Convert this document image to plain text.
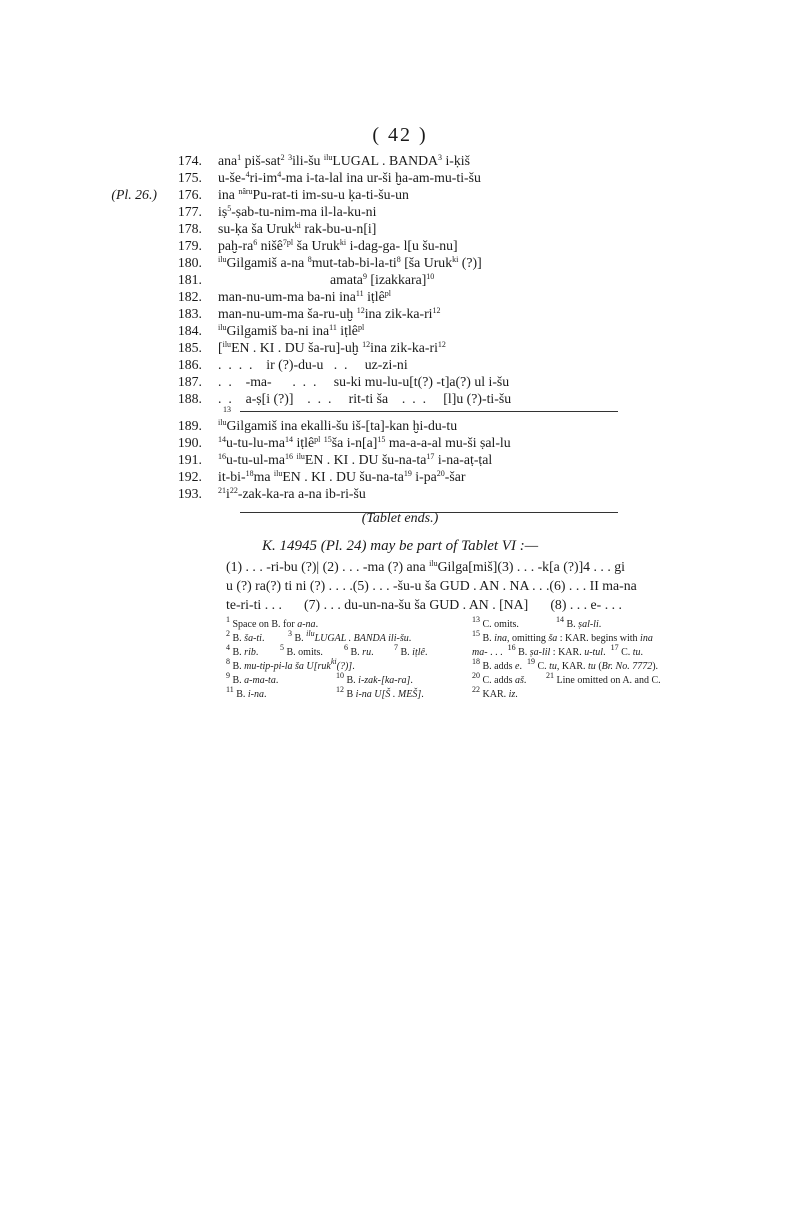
( 42 )
174. ana$^1$ piš-sat$^2$ $^3$ili-šu $^{ilu}$LUGAL . BANDA$^3$ i-ḳiš
175. $u-še-^4ri-im^4-ma$ i-ta-lal ina ur-ši ḫa-am-mu-ti-šu
(Pl. 26.)	176. ina $^{nâru}$Pu-rat-ti im-su-u ḳa-ti-šu-un
177. iṣ$^5$-ṣab-tu-nim-ma il-la-ku-ni
178. su-ḳa ša Uruk$^{ki}$ rak-bu-u-n[i]
179. paḫ-$ra^6$ nišê$^{7pl}$ ša Uruk$^{ki}$ i-dag-ga- l[u šu-nu]
180. $^{ilu}$Gilgamiš a-na $^8mut-tab-bi-la-ti^8$ [ša Uruk$^{ki}$ (?)]
181.	amata$^9$ [izakkara]$^{10}$
182. man-nu-um-ma ba-ni ina$^{11}$ iṭlê$^{pl}$
183. man-nu-um-ma ša-ru-uḫ $^{12}$ina zik-$ka-ri^{12}$
184. $^{ilu}$Gilgamiš ba-ni ina$^{11}$ iṭlê$^{pl}$
185. [$^{ilu}$EN . KI . DU ša-ru]-uḫ $^{12}$ina zik-$ka-ri^{12}$
186. .  .  .  .    ir (?)-du-u   .  .     uz-zi-ni
187. .  .    -ma-      .  .  .     su-ki mu-lu-u[t(?) -t]a(?) ul i-šu
188. .  .    a-ṣ[i (?)]    .  .  .     rit-ti ša    .  .  .     [l]u (?)-ti-šu
13
189. $^{ilu}$Gilgamiš ina ekalli-šu iš-[ta]-kan ḫi-du-tu
190. $^{14}u-tu-lu-ma^{14}$ iṭlê$^{pl}$ $^{15}$ša $i-n[a]^{15}$ ma-a-a-al mu-ši ṣal-lu
191. $^{16}u-tu-ul-ma^{16}$ $^{ilu}$EN . KI . DU $šu-na-ta^{17}$ i-na-aṭ-ṭal
192. it-bi-$^{18}$ma $^{ilu}$EN . KI . DU $šu-na-ta^{19}$ $i-pa^{20}$-šar
193. $^{21}i^{22}-zak-ka-ra$ a-na ib-ri-šu
(Tablet ends.)
K. 14945 (Pl. 24) may be part of Tablet VI :—
(1) . . . -ri-bu (?) | (2) . . . -ma (?) ana $^{ilu}$Gilga[miš] (3) . . . -k[a (?)] 4 . . . gi
u (?) ra(?) ti ni (?) . . . . (5) . . . -šu-u ša GUD . AN . NA . . . (6) . . . II ma-na
te-ri-ti . . . (7) . . . du-un-na-šu ša GUD . AN . [NA] (8) . . . e- . . .
$^1$ Space on B. for a-na.
$^2$ B. ša-ti.	$^3$ B. $^{ilu}$LUGAL . BANDA ili-šu.
$^4$ B. rib.	$^5$ B. omits.	$^6$ B. ru.	$^7$ B. iṭlê.
$^8$ B. mu-tip-pi-la ša U[ruk$^{ki}$(?)].
$^9$ B. a-ma-ta.	$^{10}$ B. i-zak-[ka-ra].
$^{11}$ B. i-na.	$^{12}$ B i-na U[Š . MEŠ].
$^{13}$ C. omits.	$^{14}$ B. ṣal-li.
$^{15}$ B. ina, omitting ša : KAR. begins with ina
ma- . . .  $^{16}$ B. ṣa-lil : KAR. u-tul.  $^{17}$ C. tu.
$^{18}$ B. adds e.  $^{19}$ C. tu, KAR. tu (Br. No. 7772).
$^{20}$ C. adds aš. $^{21}$ Line omitted on A. and C.
$^{22}$ KAR. iz.
